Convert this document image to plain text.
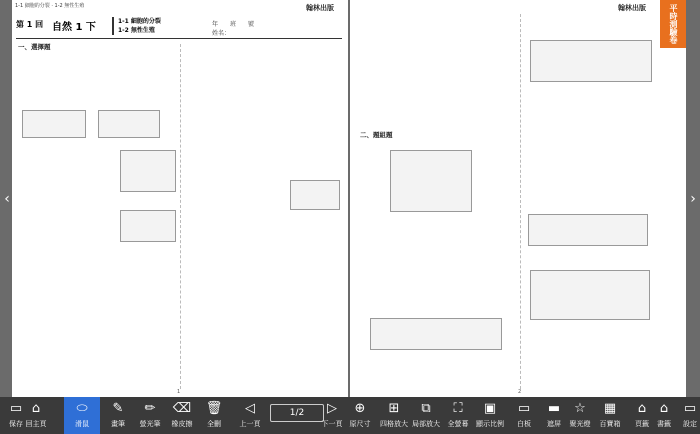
‹	›
1-1 細胞的分裂 · 1-2 無性生殖	翰林出版
第 1 回 自然 1 下
1-1 細胞的分裂
1-2 無性生殖
年　　班　　號
姓名：
一、選擇題
1
翰林出版	平時測驗卷
二、題組題
2
1/2
▭
保存
⌂
回主頁
⬭
滑鼠
✎
畫筆
✏
螢光筆
⌫
橡皮擦
🗑
全刪
◁
上一頁
▷
下一頁
⊕
原尺寸
⊞
四格放大
⧉
局部放大
⛶
全螢幕
▣
顯示比例
▭
白板
▬
遮屏
☆
聚光燈
▦
百寶箱
⌂
頁籤
⌂
書籤
▭
設定
